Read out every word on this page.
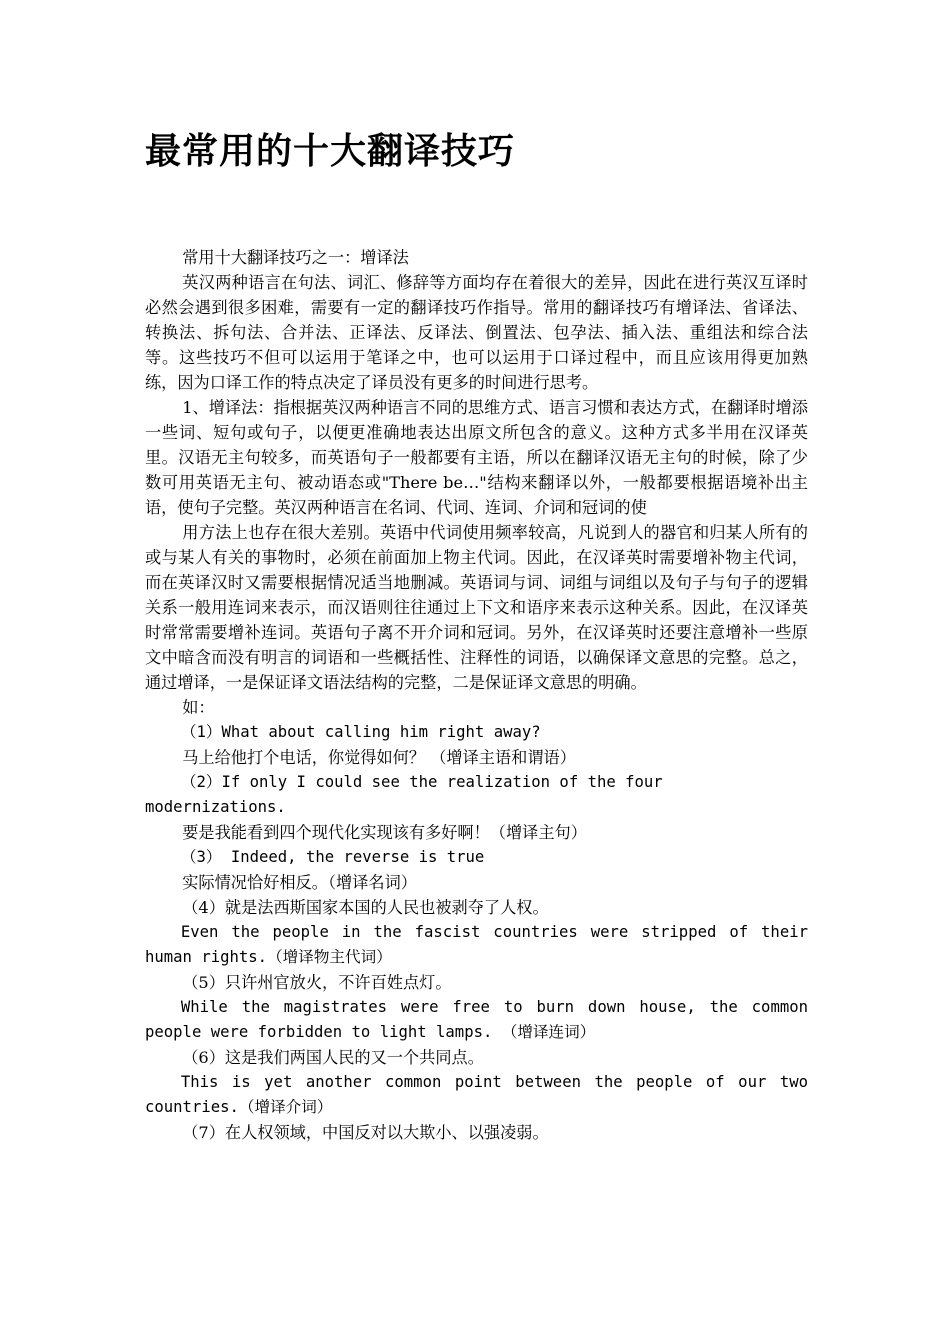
最常用的十大翻译技巧

常用十大翻译技巧之一：增译法

英汉两种语言在句法、词汇、修辞等方面均存在着很大的差异，因此在进行英汉互译时必然会遇到很多困难，需要有一定的翻译技巧作指导。常用的翻译技巧有增译法、省译法、转换法、拆句法、合并法、正译法、反译法、倒置法、包孕法、插入法、重组法和综合法等。这些技巧不但可以运用于笔译之中，也可以运用于口译过程中，而且应该用得更加熟练，因为口译工作的特点决定了译员没有更多的时间进行思考。

1、增译法：指根据英汉两种语言不同的思维方式、语言习惯和表达方式，在翻译时增添一些词、短句或句子，以便更准确地表达出原文所包含的意义。这种方式多半用在汉译英里。汉语无主句较多，而英语句子一般都要有主语，所以在翻译汉语无主句的时候，除了少数可用英语无主句、被动语态或"There be…"结构来翻译以外，一般都要根据语境补出主语，使句子完整。英汉两种语言在名词、代词、连词、介词和冠词的使

用方法上也存在很大差别。英语中代词使用频率较高，凡说到人的器官和归某人所有的或与某人有关的事物时，必须在前面加上物主代词。因此，在汉译英时需要增补物主代词，而在英译汉时又需要根据情况适当地删减。英语词与词、词组与词组以及句子与句子的逻辑关系一般用连词来表示，而汉语则往往通过上下文和语序来表示这种关系。因此，在汉译英时常常需要增补连词。英语句子离不开介词和冠词。另外，在汉译英时还要注意增补一些原文中暗含而没有明言的词语和一些概括性、注释性的词语，以确保译文意思的完整。总之，通过增译，一是保证译文语法结构的完整，二是保证译文意思的明确。

如：

（1）What about calling him right away?

马上给他打个电话，你觉得如何？ （增译主语和谓语）

（2）If only I could see the realization of the four modernizations.

要是我能看到四个现代化实现该有多好啊！（增译主句）

（3） Indeed, the reverse is true

实际情况恰好相反。（增译名词）

（4）就是法西斯国家本国的人民也被剥夺了人权。

Even the people in the fascist countries were stripped of their human rights.（增译物主代词）

（5）只许州官放火，不许百姓点灯。

While the magistrates were free to burn down house, the common people were forbidden to light lamps. （增译连词）

（6）这是我们两国人民的又一个共同点。

This is yet another common point between the people of our two countries.（增译介词）

（7）在人权领域，中国反对以大欺小、以强凌弱。
